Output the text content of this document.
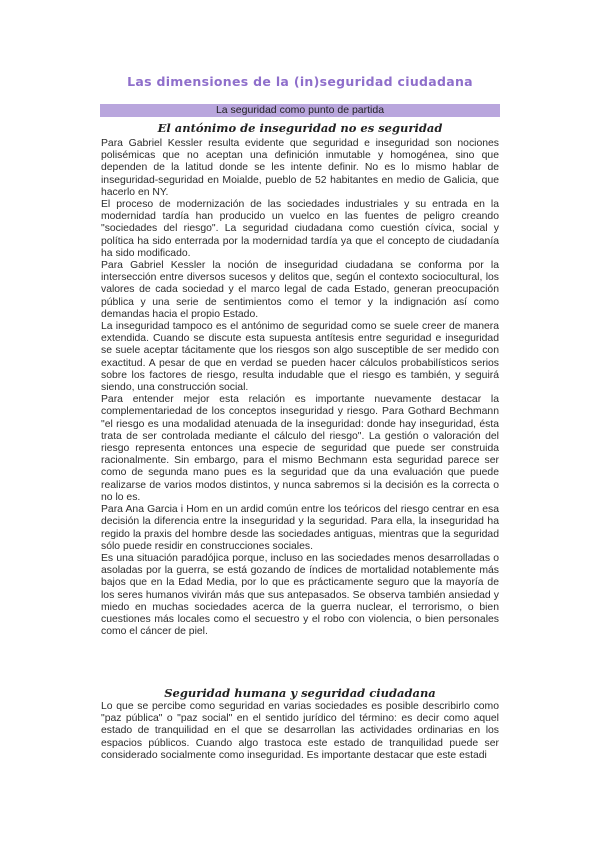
Las dimensiones de la (in)seguridad ciudadana
La seguridad como punto de partida
El antónimo de inseguridad no es seguridad

Para Gabriel Kessler resulta evidente que seguridad e inseguridad son nociones polisémicas que no aceptan una definición inmutable y homogénea, sino que dependen de la latitud donde se les intente definir. No es lo mismo hablar de inseguridad-seguridad en Moialde, pueblo de 52 habitantes en medio de Galicia, que hacerlo en NY.

El proceso de modernización de las sociedades industriales y su entrada en la modernidad tardía han producido un vuelco en las fuentes de peligro creando "sociedades del riesgo". La seguridad ciudadana como cuestión cívica, social y política ha sido enterrada por la modernidad tardía ya que el concepto de ciudadanía ha sido modificado.

Para Gabriel Kessler la noción de inseguridad ciudadana se conforma por la intersección entre diversos sucesos y delitos que, según el contexto sociocultural, los valores de cada sociedad y el marco legal de cada Estado, generan preocupación pública y una serie de sentimientos como el temor y la indignación así como demandas hacia el propio Estado.

La inseguridad tampoco es el antónimo de seguridad como se suele creer de manera extendida. Cuando se discute esta supuesta antítesis entre seguridad e inseguridad se suele aceptar tácitamente que los riesgos son algo susceptible de ser medido con exactitud. A pesar de que en verdad se pueden hacer cálculos probabilísticos serios sobre los factores de riesgo, resulta indudable que el riesgo es también, y seguirá siendo, una construcción social.

Para entender mejor esta relación es importante nuevamente destacar la complementariedad de los conceptos inseguridad y riesgo. Para Gothard Bechmann "el riesgo es una modalidad atenuada de la inseguridad: donde hay inseguridad, ésta trata de ser controlada mediante el cálculo del riesgo". La gestión o valoración del riesgo representa entonces una especie de seguridad que puede ser construida racionalmente. Sin embargo, para el mismo Bechmann esta seguridad parece ser como de segunda mano pues es la seguridad que da una evaluación que puede realizarse de varios modos distintos, y nunca sabremos si la decisión es la correcta o no lo es.

Para Ana Garcia i Hom en un ardid común entre los teóricos del riesgo centrar en esa decisión la diferencia entre la inseguridad y la seguridad. Para ella, la inseguridad ha regido la praxis del hombre desde las sociedades antiguas, mientras que la seguridad sólo puede residir en construcciones sociales.

Es una situación paradójica porque, incluso en las sociedades menos desarrolladas o asoladas por la guerra, se está gozando de índices de mortalidad notablemente más bajos que en la Edad Media, por lo que es prácticamente seguro que la mayoría de los seres humanos vivirán más que sus antepasados. Se observa también ansiedad y miedo en muchas sociedades acerca de la guerra nuclear, el terrorismo, o bien cuestiones más locales como el secuestro y el robo con violencia, o bien personales como el cáncer de piel.

Seguridad humana y seguridad ciudadana

Lo que se percibe como seguridad en varias sociedades es posible describirlo como "paz pública" o "paz social" en el sentido jurídico del término: es decir como aquel estado de tranquilidad en el que se desarrollan las actividades ordinarias en los espacios públicos. Cuando algo trastoca este estado de tranquilidad puede ser considerado socialmente como inseguridad. Es importante destacar que este estadi
